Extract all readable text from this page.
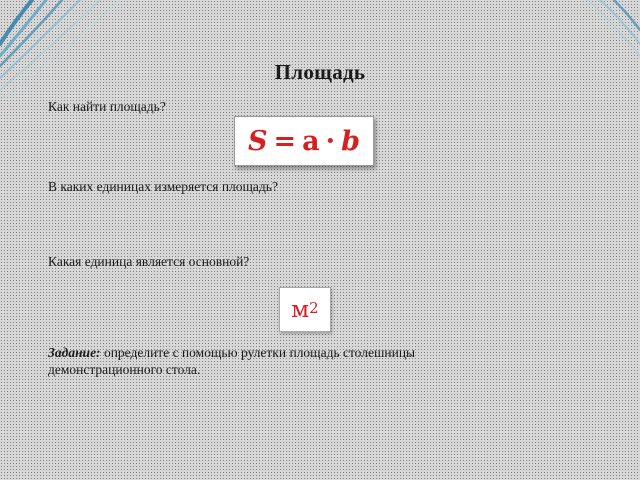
Площадь
Как найти площадь?
S = a · b
В каких единицах измеряется площадь?
Какая единица является основной?
$м^2$
Задание: определите с помощью рулетки площадь столешницы демонстрационного стола.
